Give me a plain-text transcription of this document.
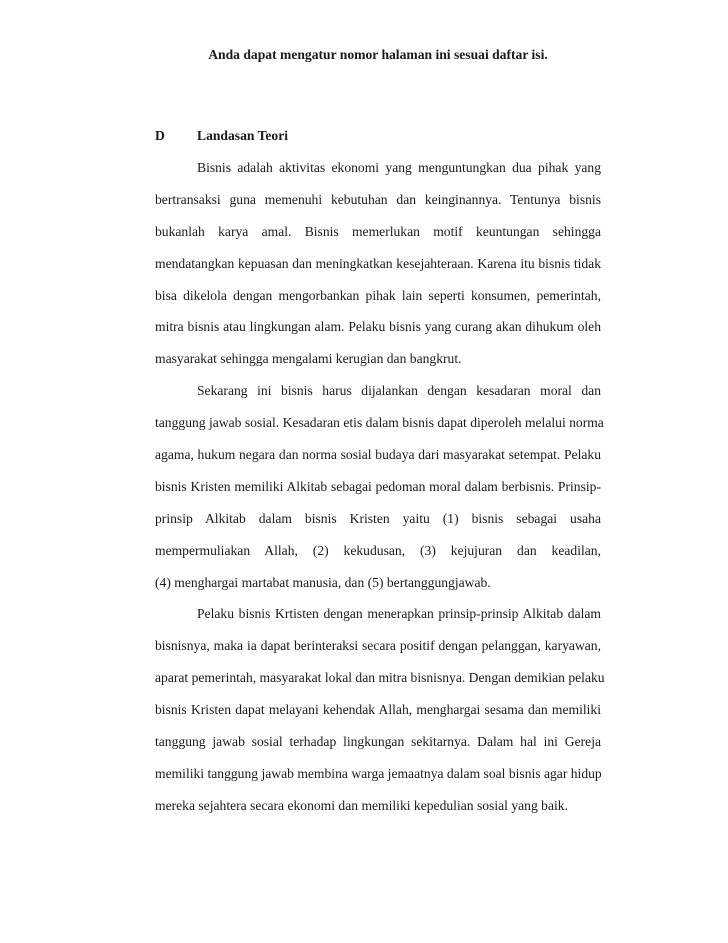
Anda dapat mengatur nomor halaman ini sesuai daftar isi.
D Landasan Teori
Bisnis adalah aktivitas ekonomi yang menguntungkan dua pihak yang
bertransaksi guna memenuhi kebutuhan dan keinginannya. Tentunya bisnis
bukanlah karya amal. Bisnis memerlukan motif keuntungan sehingga
mendatangkan kepuasan dan meningkatkan kesejahteraan. Karena itu bisnis tidak
bisa dikelola dengan mengorbankan pihak lain seperti konsumen, pemerintah,
mitra bisnis atau lingkungan alam. Pelaku bisnis yang curang akan dihukum oleh
masyarakat sehingga mengalami kerugian dan bangkrut.
Sekarang ini bisnis harus dijalankan dengan kesadaran moral dan
tanggung jawab sosial. Kesadaran etis dalam bisnis dapat diperoleh melalui norma
agama, hukum negara dan norma sosial budaya dari masyarakat setempat. Pelaku
bisnis Kristen memiliki Alkitab sebagai pedoman moral dalam berbisnis. Prinsip-
prinsip Alkitab dalam bisnis Kristen yaitu (1) bisnis sebagai usaha
mempermuliakan Allah, (2) kekudusan, (3) kejujuran dan keadilan,
(4) menghargai martabat manusia, dan (5) bertanggungjawab.
Pelaku bisnis Krtisten dengan menerapkan prinsip-prinsip Alkitab dalam
bisnisnya, maka ia dapat berinteraksi secara positif dengan pelanggan, karyawan,
aparat pemerintah, masyarakat lokal dan mitra bisnisnya. Dengan demikian pelaku
bisnis Kristen dapat melayani kehendak Allah, menghargai sesama dan memiliki
tanggung jawab sosial terhadap lingkungan sekitarnya. Dalam hal ini Gereja
memiliki tanggung jawab membina warga jemaatnya dalam soal bisnis agar hidup
mereka sejahtera secara ekonomi dan memiliki kepedulian sosial yang baik.
